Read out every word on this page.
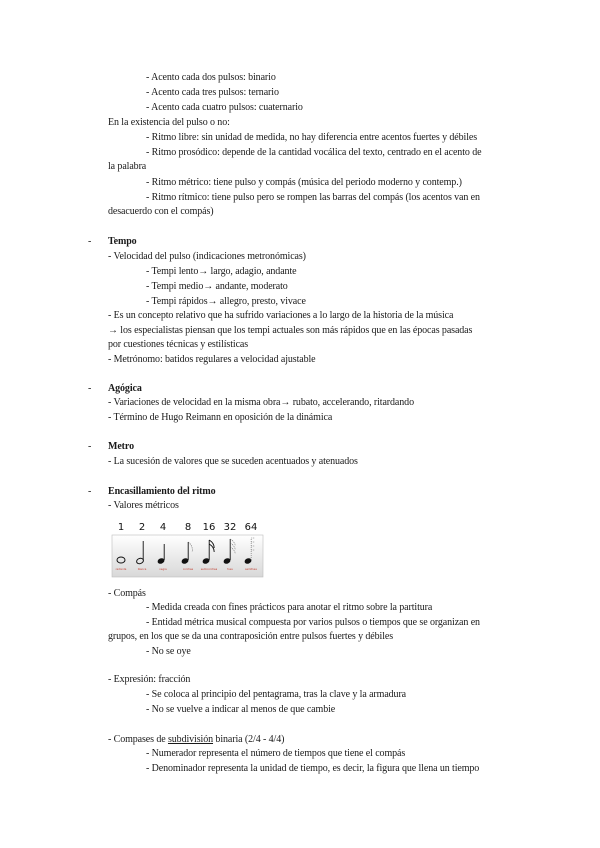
- Acento cada dos pulsos: binario
- Acento cada tres pulsos: ternario
- Acento cada cuatro pulsos: cuaternario
En la existencia del pulso o no:
- Ritmo libre: sin unidad de medida, no hay diferencia entre acentos fuertes y débiles
- Ritmo prosódico: depende de la cantidad vocálica del texto, centrado en el acento de
la palabra
- Ritmo métrico: tiene pulso y compás (música del periodo moderno y contemp.)
- Ritmo rítmico: tiene pulso pero se rompen las barras del compás (los acentos van en
desacuerdo con el compás)
- Tempo
- Velocidad del pulso (indicaciones metronómicas)
- Tempi lento→ largo, adagio, andante
- Tempi medio→ andante, moderato
- Tempi rápidos→ allegro, presto, vivace
- Es un concepto relativo que ha sufrido variaciones a lo largo de la historia de la música
→ los especialistas piensan que los tempi actuales son más rápidos que en las épocas pasadas
por cuestiones técnicas y estilísticas
- Metrónomo: batidos regulares a velocidad ajustable
- Agógica
- Variaciones de velocidad en la misma obra→ rubato, accelerando, ritardando
- Término de Hugo Reimann en oposición de la dinámica
- Metro
- La sucesión de valores que se suceden acentuados y atenuados
- Encasillamiento del ritmo
- Valores métricos
1 2 4 8 16 32 64
redonda	blanca	negra	corchea	semicorchea	fusa	semifusa
- Compás
- Medida creada con fines prácticos para anotar el ritmo sobre la partitura
- Entidad métrica musical compuesta por varios pulsos o tiempos que se organizan en
grupos, en los que se da una contraposición entre pulsos fuertes y débiles
- No se oye
- Expresión: fracción
- Se coloca al principio del pentagrama, tras la clave y la armadura
- No se vuelve a indicar al menos de que cambie
- Compases de subdivisión binaria (2/4 - 4/4)
- Numerador representa el número de tiempos que tiene el compás
- Denominador representa la unidad de tiempo, es decir, la figura que llena un tiempo
